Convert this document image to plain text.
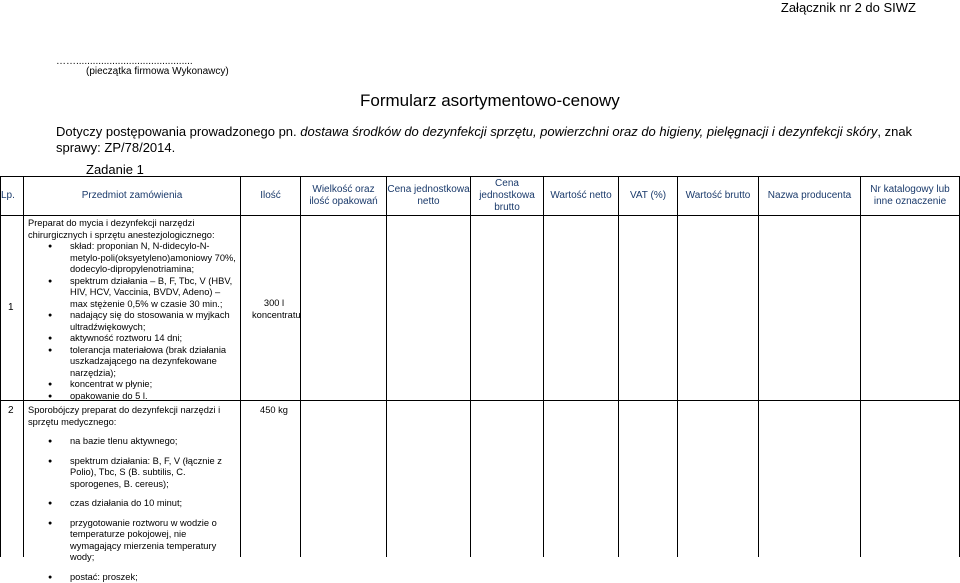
Załącznik nr 2 do SIWZ
……..........................................
(pieczątka firmowa Wykonawcy)
Formularz asortymentowo-cenowy
Dotyczy postępowania prowadzonego pn. dostawa środków do dezynfekcji sprzętu, powierzchni oraz do higieny, pielęgnacji i dezynfekcji skóry, znak sprawy: ZP/78/2014.
Zadanie 1
Lp.	Przedmiot zamówienia	Ilość
Wielkość oraz ilość opakowań
Cena jednostkowa netto
Cena jednostkowa brutto
Wartość netto VAT (%) Wartość brutto Nazwa producenta
Nr katalogowy lub inne oznaczenie
1
Preparat do mycia i dezynfekcji narzędzi chirurgicznych i sprzętu anestezjologicznego:
● skład: proponian N, N-didecylo-N-metylo-poli(oksyetyleno)amoniowy 70%, dodecylo-dipropylenotriamina;
● spektrum działania – B, F, Tbc, V (HBV, HIV, HCV, Vaccinia, BVDV, Adeno) – max stężenie 0,5% w czasie 30 min.;
● nadający się do stosowania w myjkach ultradźwiękowych;
● aktywność roztworu 14 dni;
● tolerancja materiałowa (brak działania uszkadzającego na dezynfekowane narzędzia);
● koncentrat w płynie;
● opakowanie do 5 l.
300 l koncentratu
2 Sporobójczy preparat do dezynfekcji narzędzi i sprzętu medycznego:
● na bazie tlenu aktywnego;
● spektrum działania: B, F, V (łącznie z Polio), Tbc, S (B. subtilis, C. sporogenes, B. cereus);
● czas działania do 10 minut;
● przygotowanie roztworu w wodzie o temperaturze pokojowej, nie wymagający mierzenia temperatury wody;
● postać: proszek;
450 kg
